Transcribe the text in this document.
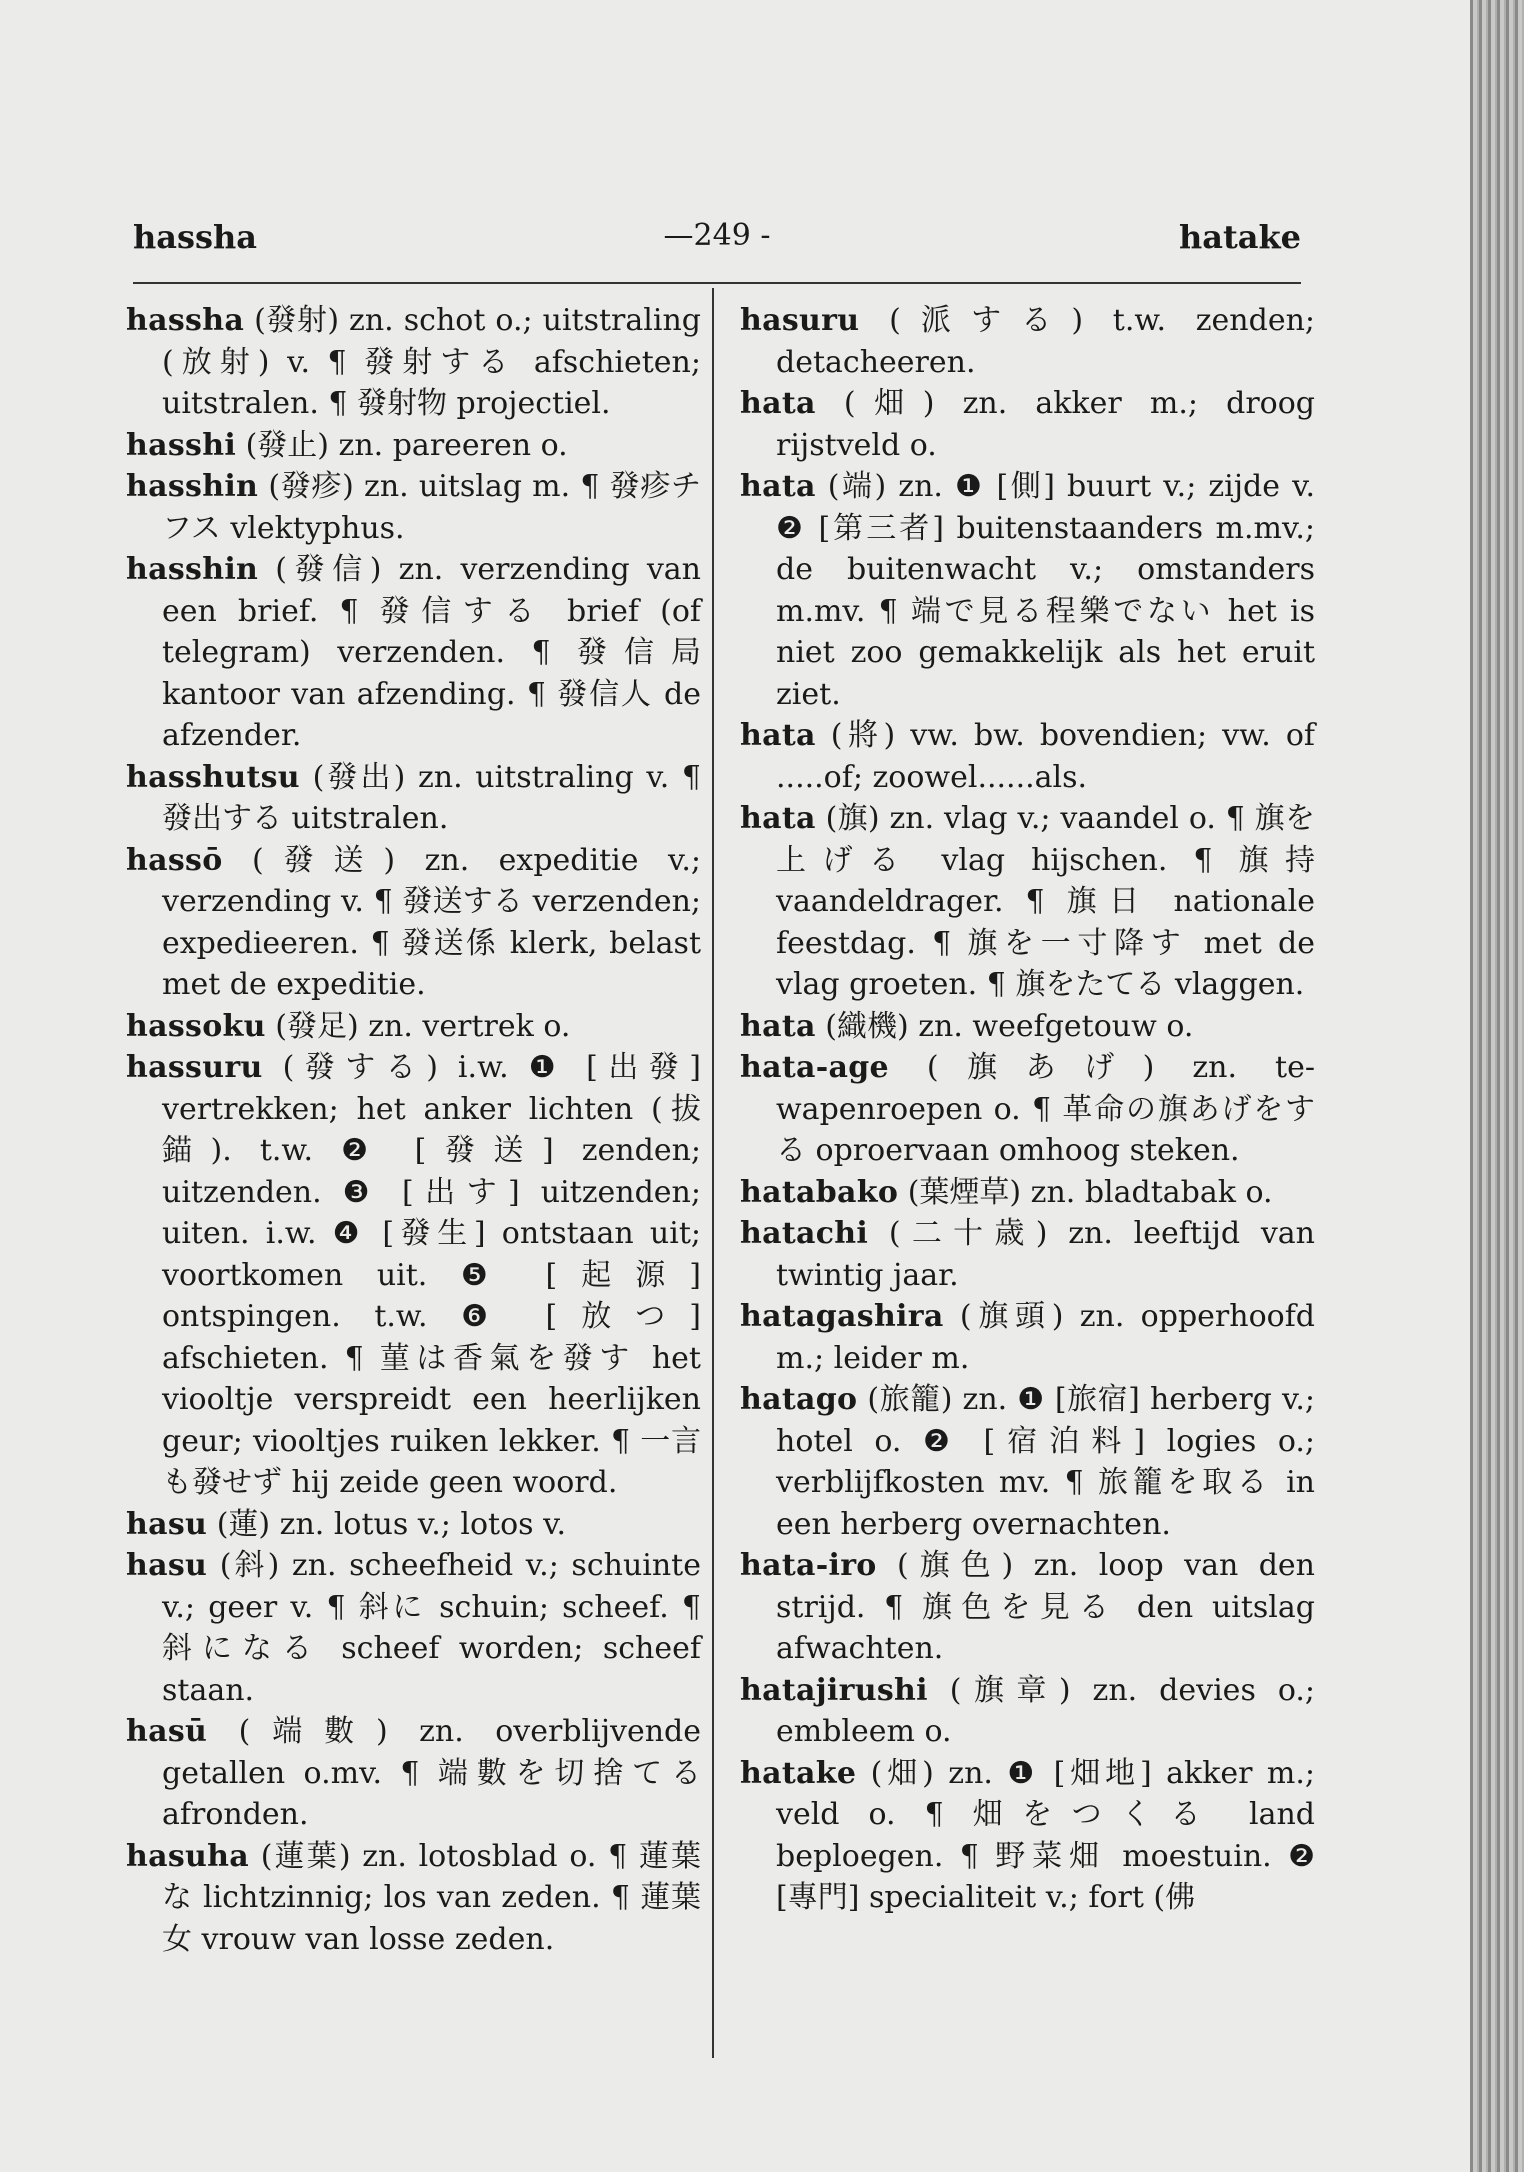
hassha	—249 -	hatake
hassha (發射) zn. schot o.; uitstraling (放射) v. ¶ 發射する afschieten; uitstralen. ¶ 發射物 projectiel.
hasshi (發止) zn. pareeren o.
hasshin (發疹) zn. uitslag m. ¶ 發疹チフス vlektyphus.
hasshin (發信) zn. verzending van een brief. ¶ 發信する brief (of telegram) verzenden. ¶ 發信局 kantoor van afzending. ¶ 發信人 de afzender.
hasshutsu (發出) zn. uitstraling v. ¶ 發出する uitstralen.
hassō (發送) zn. expeditie v.; verzending v. ¶ 發送する verzenden; expedieeren. ¶ 發送係 klerk, belast met de expeditie.
hassoku (發足) zn. vertrek o.
hassuru (發する) i.w. ❶ [出發] vertrekken; het anker lichten (拔錨). t.w. ❷ [發送] zenden; uitzenden. ❸ [出す] uitzenden; uiten. i.w. ❹ [發生] ontstaan uit; voortkomen uit. ❺ [起源] ontspingen. t.w. ❻ [放つ] afschieten. ¶ 菫は香氣を發す het viooltje verspreidt een heerlijken geur; viooltjes ruiken lekker. ¶ 一言も發せず hij zeide geen woord.
hasu (蓮) zn. lotus v.; lotos v.
hasu (斜) zn. scheefheid v.; schuinte v.; geer v. ¶ 斜に schuin; scheef. ¶ 斜になる scheef worden; scheef staan.
hasū (端數) zn. overblijvende getallen o.mv. ¶ 端數を切捨てる afronden.
hasuha (蓮葉) zn. lotosblad o. ¶ 蓮葉な lichtzinnig; los van zeden. ¶ 蓮葉女 vrouw van losse zeden.
hasuru (派する) t.w. zenden; detacheeren.
hata (畑) zn. akker m.; droog rijstveld o.
hata (端) zn. ❶ [側] buurt v.; zijde v. ❷ [第三者] buitenstaanders m.mv.; de buitenwacht v.; omstanders m.mv. ¶ 端で見る程樂でない het is niet zoo gemakkelijk als het eruit ziet.
hata (將) vw. bw. bovendien; vw. of .....of; zoowel......als.
hata (旗) zn. vlag v.; vaandel o. ¶ 旗を上げる vlag hijschen. ¶ 旗持 vaandeldrager. ¶ 旗日 nationale feestdag. ¶ 旗を一寸降す met de vlag groeten. ¶ 旗をたてる vlaggen.
hata (織機) zn. weefgetouw o.
hata-age (旗あげ) zn. te-wapenroepen o. ¶ 革命の旗あげをする oproervaan omhoog steken.
hatabako (葉煙草) zn. bladtabak o.
hatachi (二十歳) zn. leeftijd van twintig jaar.
hatagashira (旗頭) zn. opperhoofd m.; leider m.
hatago (旅籠) zn. ❶ [旅宿] herberg v.; hotel o. ❷ [宿泊料] logies o.; verblijfkosten mv. ¶ 旅籠を取る in een herberg overnachten.
hata-iro (旗色) zn. loop van den strijd. ¶ 旗色を見る den uitslag afwachten.
hatajirushi (旗章) zn. devies o.; embleem o.
hatake (畑) zn. ❶ [畑地] akker m.; veld o. ¶ 畑をつくる land beploegen. ¶ 野菜畑 moestuin. ❷ [專門] specialiteit v.; fort (佛
